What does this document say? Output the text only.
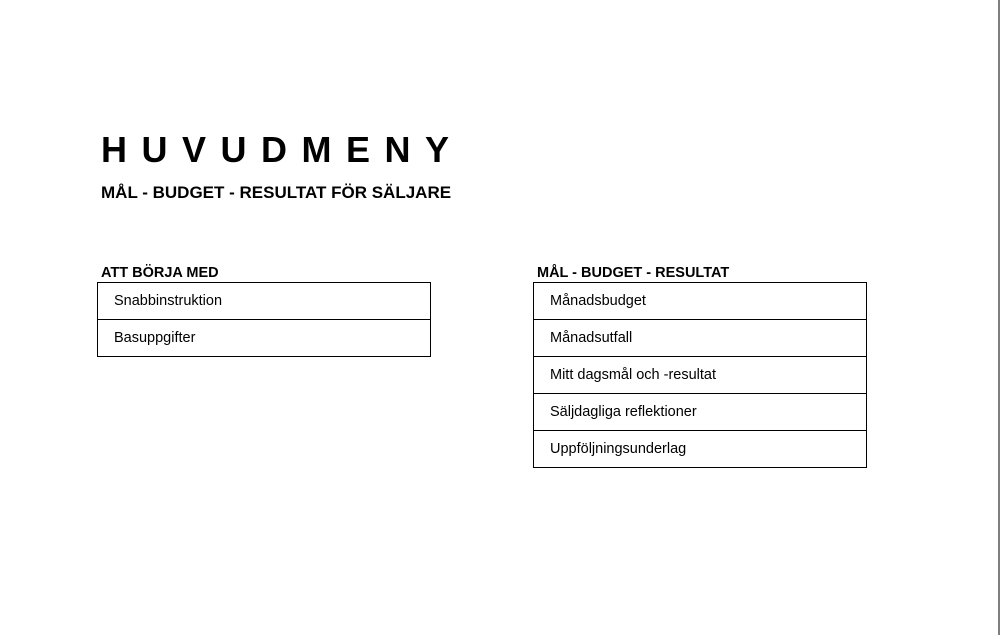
HUVUDMENY
MÅL - BUDGET - RESULTAT FÖR SÄLJARE
ATT BÖRJA MED
Snabbinstruktion
Basuppgifter
MÅL - BUDGET - RESULTAT
Månadsbudget
Månadsutfall
Mitt dagsmål och -resultat
Säljdagliga reflektioner
Uppföljningsunderlag
